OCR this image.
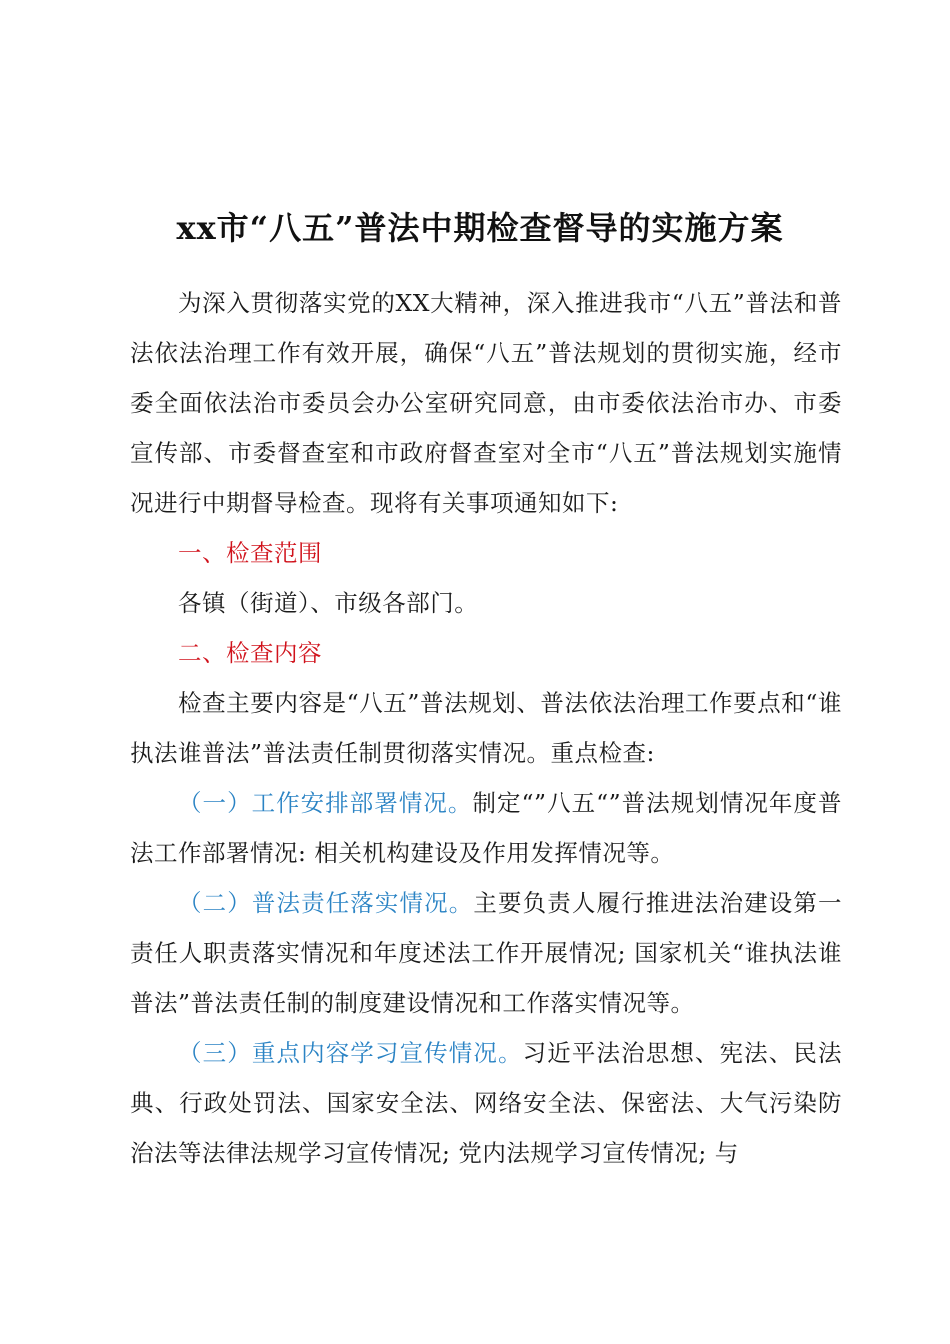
xx市“八五”普法中期检查督导的实施方案

为深入贯彻落实党的XX大精神，深入推进我市“八五”普法和普法依法治理工作有效开展，确保“八五”普法规划的贯彻实施，经市委全面依法治市委员会办公室研究同意，由市委依法治市办、市委宣传部、市委督查室和市政府督查室对全市“八五”普法规划实施情况进行中期督导检查。现将有关事项通知如下:

一、检查范围

各镇（街道）、市级各部门。

二、检查内容

检查主要内容是“八五”普法规划、普法依法治理工作要点和“谁执法谁普法”普法责任制贯彻落实情况。重点检查:

（一）工作安排部署情况。制定“”八五“”普法规划情况年度普法工作部署情况: 相关机构建设及作用发挥情况等。

（二）普法责任落实情况。主要负责人履行推进法治建设第一责任人职责落实情况和年度述法工作开展情况; 国家机关“谁执法谁普法”普法责任制的制度建设情况和工作落实情况等。

（三）重点内容学习宣传情况。习近平法治思想、宪法、民法典、行政处罚法、国家安全法、网络安全法、保密法、大气污染防治法等法律法规学习宣传情况; 党内法规学习宣传情况; 与
